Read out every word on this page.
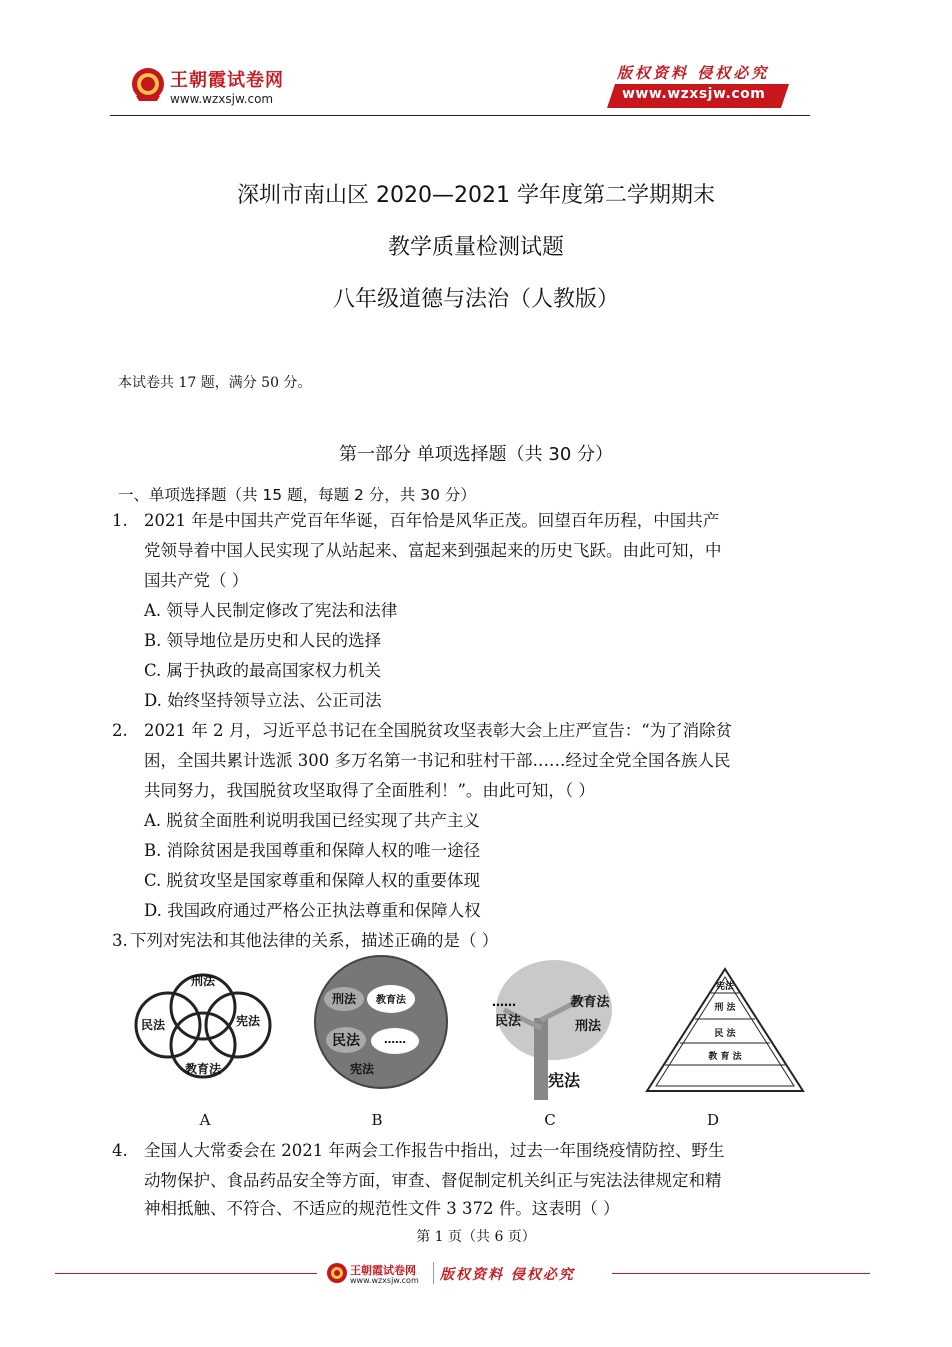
王朝霞试卷网
www.wzxsjw.com
版权资料 侵权必究
www.wzxsjw.com
深圳市南山区 2020—2021 学年度第二学期期末
教学质量检测试题
八年级道德与法治（人教版）
本试卷共 17 题，满分 50 分。
第一部分 单项选择题（共 30 分）
一、单项选择题（共 15 题，每题 2 分，共 30 分）
1. 2021 年是中国共产党百年华诞，百年恰是风华正茂。回望百年历程，中国共产
党领导着中国人民实现了从站起来、富起来到强起来的历史飞跃。由此可知，中
国共产党（ ）
A. 领导人民制定修改了宪法和法律
B. 领导地位是历史和人民的选择
C. 属于执政的最高国家权力机关
D. 始终坚持领导立法、公正司法
2. 2021 年 2 月，习近平总书记在全国脱贫攻坚表彰大会上庄严宣告：“为了消除贫
困，全国共累计选派 300 多万名第一书记和驻村干部……经过全党全国各族人民
共同努力，我国脱贫攻坚取得了全面胜利！”。由此可知，（ ）
A. 脱贫全面胜利说明我国已经实现了共产主义
B. 消除贫困是我国尊重和保障人权的唯一途径
C. 脱贫攻坚是国家尊重和保障人权的重要体现
D. 我国政府通过严格公正执法尊重和保障人权
3. 下列对宪法和其他法律的关系，描述正确的是（ ）
刑法
民法	宪法
教育法
刑法 教育法
民法 ……
宪法
……	教育法
民法	刑法
宪法
宪法
刑 法
民 法
教 育 法
A	B	C	D
4. 全国人大常委会在 2021 年两会工作报告中指出，过去一年围绕疫情防控、野生
动物保护、食品药品安全等方面，审查、督促制定机关纠正与宪法法律规定和精
神相抵触、不符合、不适应的规范性文件 3 372 件。这表明（ ）
第 1 页（共 6 页）
王朝霞试卷网
www.wzxsjw.com 版权资料 侵权必究
